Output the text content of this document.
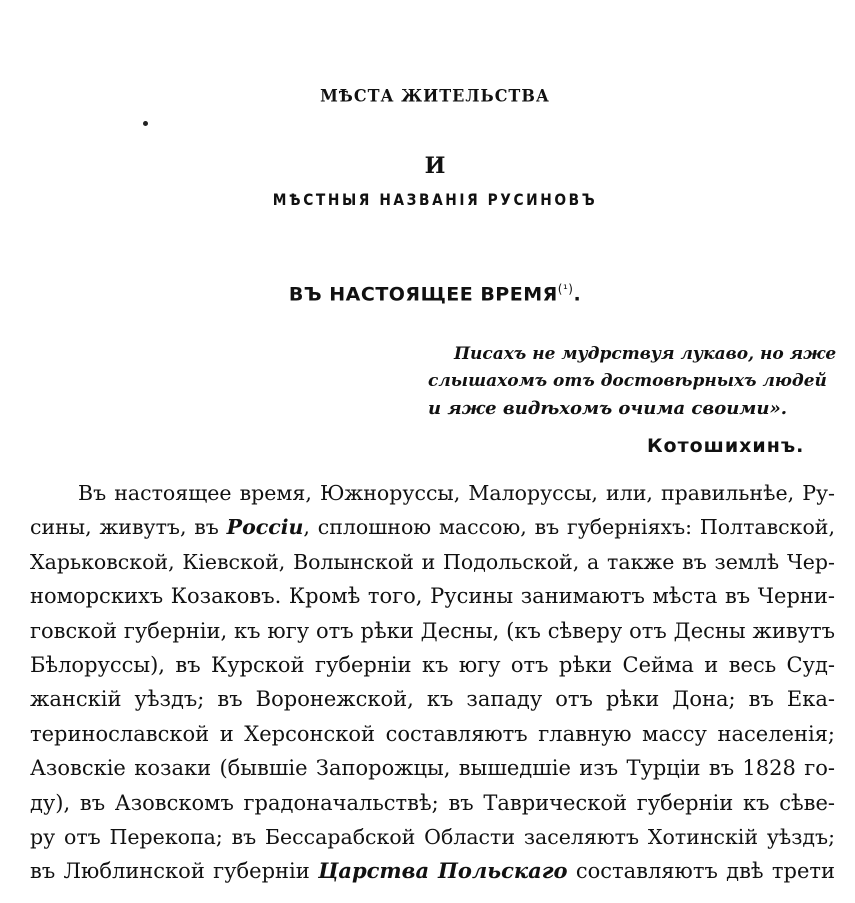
МѢСТА ЖИТЕЛЬСТВА
И
МѢСТНЫЯ НАЗВАНІЯ РУСИНОВЪ
ВЪ НАСТОЯЩЕЕ $ВРЕМЯ^{(^1)}$.
Писахъ не мудрствуя лукаво, но яже
слышахомъ отъ достовѣрныхъ людей
и яже видѣхомъ очима своими».
Котошихинъ.
Въ настоящее время, Южноруссы, Малоруссы, или, правильнѣе, Ру-
сины, живутъ, въ Россіи, сплошною массою, въ губерніяхъ: Полтавской,
Харьковской, Кіевской, Волынской и Подольской, а также въ землѣ Чер-
номорскихъ Козаковъ. Кромѣ того, Русины занимаютъ мѣста въ Черни-
говской губерніи, къ югу отъ рѣки Десны, (къ сѣверу отъ Десны живутъ
Бѣлоруссы), въ Курской губерніи къ югу отъ рѣки Сейма и весь Суд-
жанскій уѣздъ; въ Воронежской, къ западу отъ рѣки Дона; въ Ека-
теринославской и Херсонской составляютъ главную массу населенія;
Азовскіе козаки (бывшіе Запорожцы, вышедшіе изъ Турціи въ 1828 го-
ду), въ Азовскомъ градоначальствѣ; въ Таврической губерніи къ сѣве-
ру отъ Перекопа; въ Бессарабской Области заселяютъ Хотинскій уѣздъ;
въ Люблинской губерніи Царства Польскаго составляютъ двѣ трети
